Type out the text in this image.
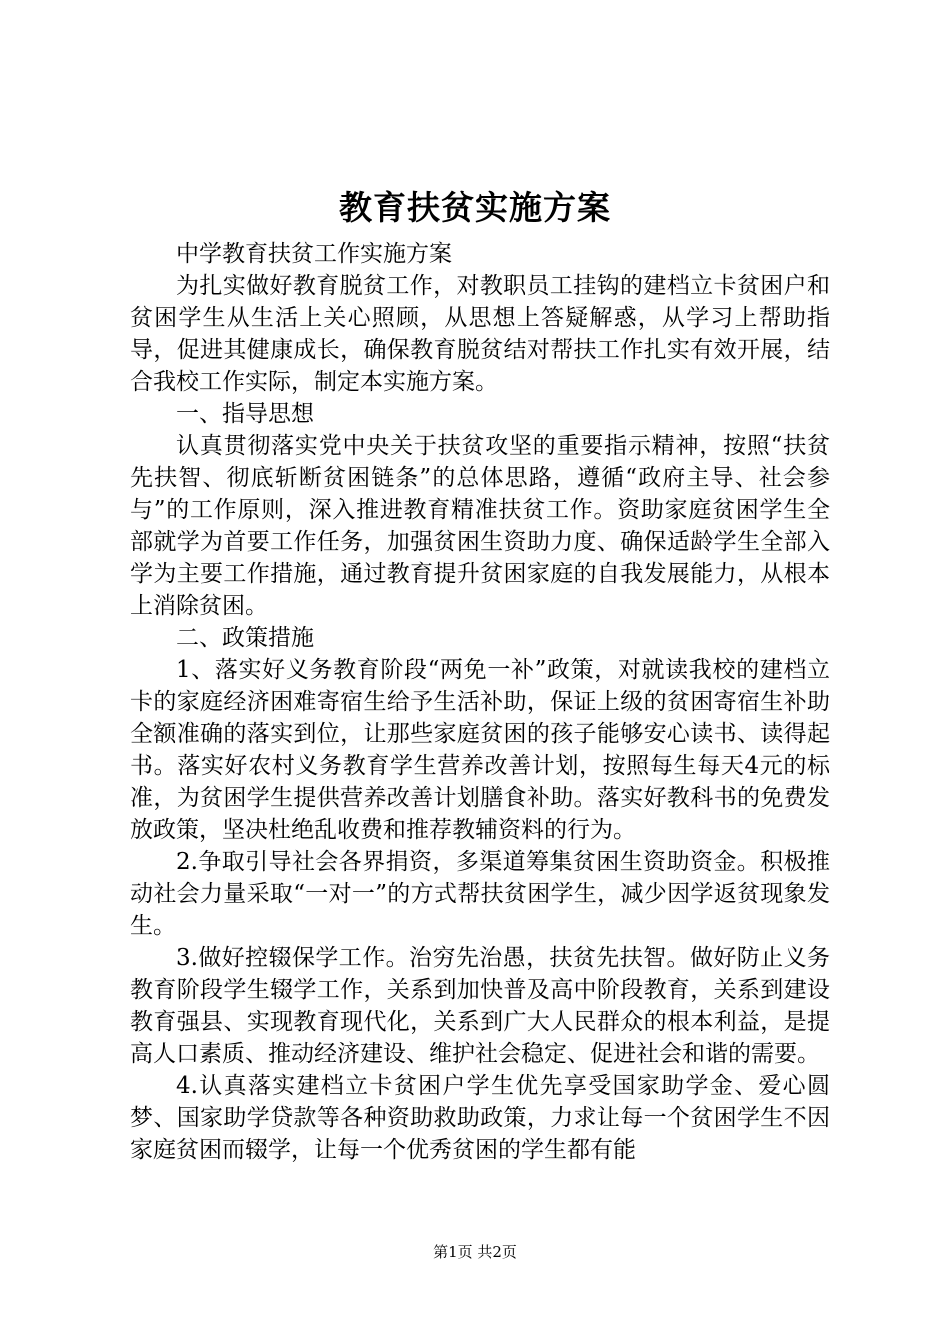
教育扶贫实施方案

中学教育扶贫工作实施方案

为扎实做好教育脱贫工作，对教职员工挂钩的建档立卡贫困户和贫困学生从生活上关心照顾，从思想上答疑解惑，从学习上帮助指导，促进其健康成长，确保教育脱贫结对帮扶工作扎实有效开展，结合我校工作实际，制定本实施方案。

一、指导思想

认真贯彻落实党中央关于扶贫攻坚的重要指示精神，按照“扶贫先扶智、彻底斩断贫困链条”的总体思路，遵循“政府主导、社会参与”的工作原则，深入推进教育精准扶贫工作。资助家庭贫困学生全部就学为首要工作任务，加强贫困生资助力度、确保适龄学生全部入学为主要工作措施，通过教育提升贫困家庭的自我发展能力，从根本上消除贫困。

二、政策措施

1、落实好义务教育阶段“两免一补”政策，对就读我校的建档立卡的家庭经济困难寄宿生给予生活补助，保证上级的贫困寄宿生补助全额准确的落实到位，让那些家庭贫困的孩子能够安心读书、读得起书。落实好农村义务教育学生营养改善计划，按照每生每天4元的标准，为贫困学生提供营养改善计划膳食补助。落实好教科书的免费发放政策，坚决杜绝乱收费和推荐教辅资料的行为。

2.争取引导社会各界捐资，多渠道筹集贫困生资助资金。积极推动社会力量采取“一对一”的方式帮扶贫困学生，减少因学返贫现象发生。

3.做好控辍保学工作。治穷先治愚，扶贫先扶智。做好防止义务教育阶段学生辍学工作，关系到加快普及高中阶段教育，关系到建设教育强县、实现教育现代化，关系到广大人民群众的根本利益，是提高人口素质、推动经济建设、维护社会稳定、促进社会和谐的需要。

4.认真落实建档立卡贫困户学生优先享受国家助学金、爱心圆梦、国家助学贷款等各种资助救助政策，力求让每一个贫困学生不因家庭贫困而辍学，让每一个优秀贫困的学生都有能

第1页 共2页
